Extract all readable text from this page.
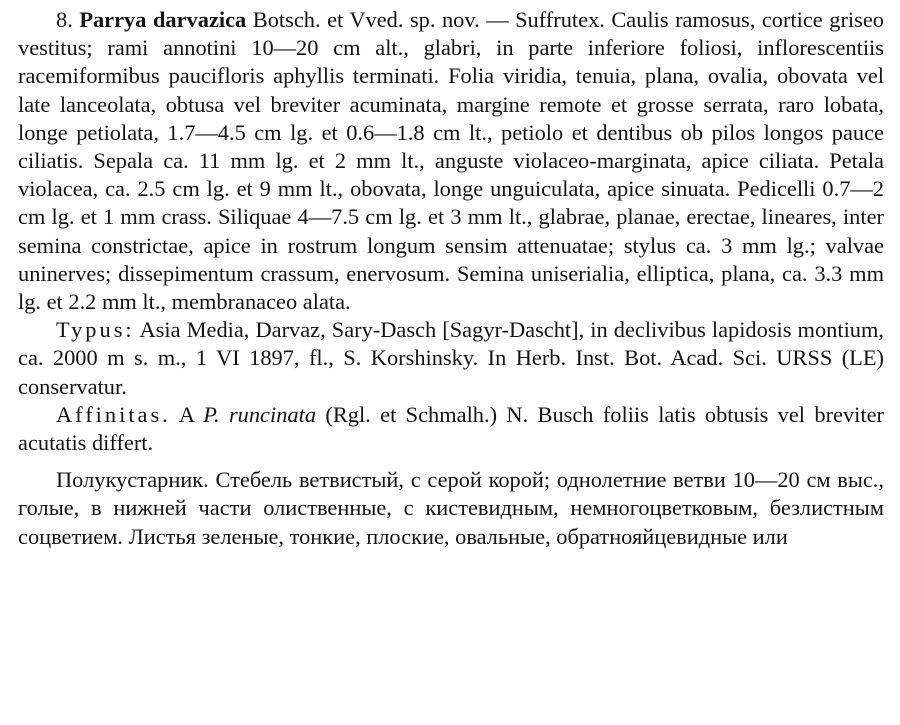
8. Parrya darvazica Botsch. et Vved. sp. nov. — Suffrutex. Caulis ramosus, cortice griseo vestitus; rami annotini 10—20 cm alt., glabri, in parte inferiore foliosi, inflorescentiis racemiformibus paucifloris aphyllis terminati. Folia viridia, tenuia, plana, ovalia, obovata vel late lanceolata, obtusa vel breviter acuminata, margine remote et grosse serrata, raro lobata, longe petiolata, 1.7—4.5 cm lg. et 0.6—1.8 cm lt., petiolo et dentibus ob pilos longos pauce ciliatis. Sepala ca. 11 mm lg. et 2 mm lt., anguste violaceo-marginata, apice ciliata. Petala violacea, ca. 2.5 cm lg. et 9 mm lt., obovata, longe unguiculata, apice sinuata. Pedicelli 0.7—2 cm lg. et 1 mm crass. Siliquae 4—7.5 cm lg. et 3 mm lt., glabrae, planae, erectae, lineares, inter semina constrictae, apice in rostrum longum sensim attenuatae; stylus ca. 3 mm lg.; valvae uninerves; dissepimentum crassum, enervosum. Semina uniserialia, elliptica, plana, ca. 3.3 mm lg. et 2.2 mm lt., membranaceo alata.

Typus: Asia Media, Darvaz, Sary-Dasch [Sagyr-Dascht], in declivibus lapidosis montium, ca. 2000 m s. m., 1 VI 1897, fl., S. Korshinsky. In Herb. Inst. Bot. Acad. Sci. URSS (LE) conservatur.

Affinitas. A P. runcinata (Rgl. et Schmalh.) N. Busch foliis latis obtusis vel breviter acutatis differt.

Полукустарник. Стебель ветвистый, с серой корой; однолетние ветви 10—20 см выс., голые, в нижней части олиственные, с кистевидным, немногоцветковым, безлистным соцветием. Листья зеленые, тонкие, плоские, овальные, обратнояйцевидные или
